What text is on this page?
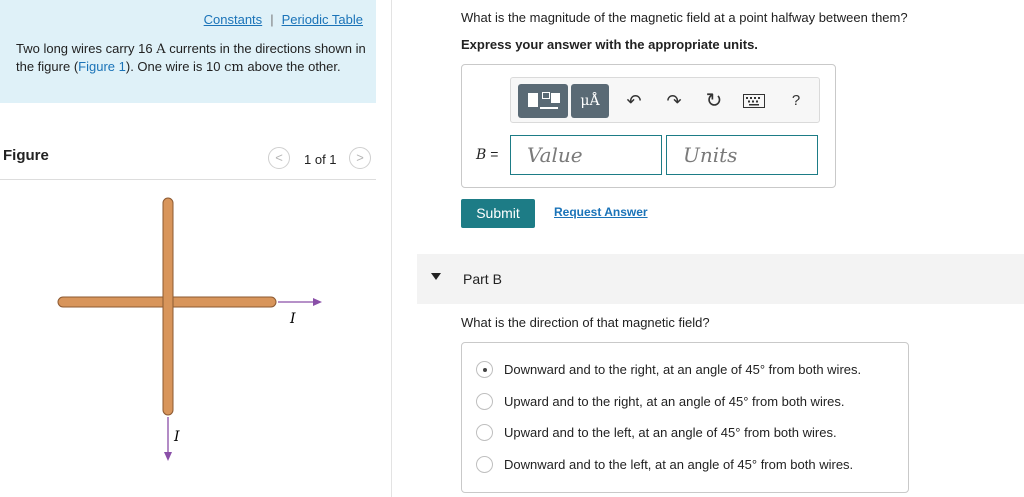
Constants | Periodic Table
Two long wires carry 16 A currents in the directions shown in the figure (Figure 1). One wire is 10 cm above the other.
Figure	<	1 of 1	>
I
I
What is the magnitude of the magnetic field at a point halfway between them?
Express your answer with the appropriate units.
μÅ	↶	↷ ↻	?
B =	Value	Units
Submit	Request Answer
Part B
What is the direction of that magnetic field?
Downward and to the right, at an angle of 45° from both wires.
Upward and to the right, at an angle of 45° from both wires.
Upward and to the left, at an angle of 45° from both wires.
Downward and to the left, at an angle of 45° from both wires.
